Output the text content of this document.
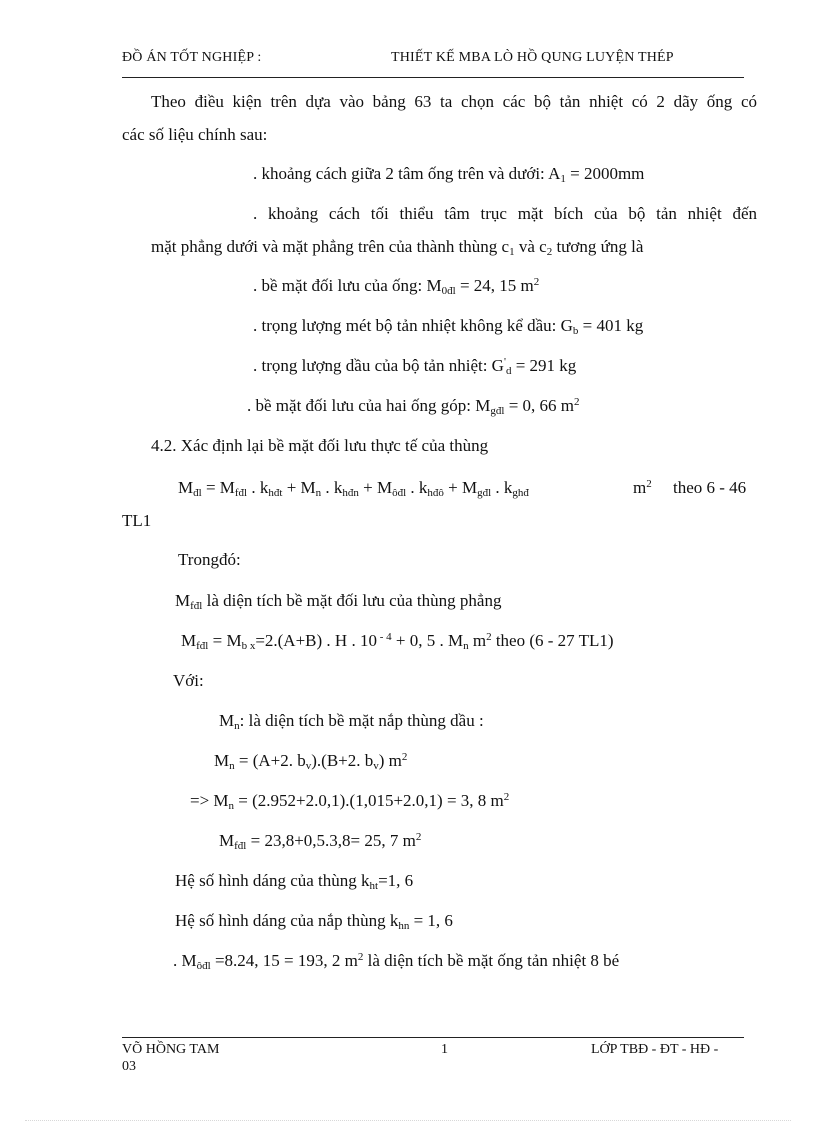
ĐỒ ÁN TỐT NGHIỆP :	THIẾT KẾ MBA LÒ HỒ QUNG LUYỆN THÉP
Theo điều kiện trên dựa vào bảng 63 ta chọn các bộ tản nhiệt có 2 dãy ống có
các số liệu chính sau:
. khoảng cách giữa 2 tâm ống trên và dưới: $A_1 = 2000mm$
. khoảng cách tối thiểu tâm trục mặt bích của bộ tản nhiệt đến
mặt phẳng dưới và mặt phẳng trên của thành thùng $c_1$ và $c_2$ tương ứng là
. bề mặt đối lưu của ống: $M_{0đl} = 24$, 15 $m^2$
. trọng lượng mét bộ tản nhiệt không kể dầu: $G_b = 401$ kg
. trọng lượng dầu của bộ tản nhiệt: $G'_d = 291$ kg
. bề mặt đối lưu của hai ống góp: $M_{gđl} = 0$, 66 $m^2$
4.2. Xác định lại bề mặt đối lưu thực tế của thùng
$M_{đl} = M_{fđl}$ . $k_{hđt} + M_n$ . $k_{hđn} + M_{ôđl}$ . $k_{hđô} + M_{gđl}$ . $k_{ghđ}$	$m^2$ theo 6 - 46
TL1
Trongđó:
$M_{fđl}$ là diện tích bề mặt đối lưu của thùng phẳng
$M_{fđl} = M_{b x}=2.(A+B)$ . H . 10 $^{- 4}$ + 0, 5 . $M_n$ $m^2$ theo (6 - 27 TL1)
Với:
$M_n$: là diện tích bề mặt nắp thùng dầu :
$M_n = (A+2$. $b_v).(B+2$. $b_v$) $m^2$
=> $M_n = (2.952+2.0,1).(1,015+2.0,1) = 3$, 8 $m^2$
$M_{fđl} = 23,8+0,5.3,8= 25$, 7 $m^2$
Hệ số hình dáng của thùng $k_{ht}=1$, 6
Hệ số hình dáng của nắp thùng $k_{hn} = 1$, 6
. $M_{ôđl} =8.24$, 15 = 193, 2 $m^2$ là diện tích bề mặt ống tản nhiệt 8 bé
VÕ HỒNG TAM
03
1	LỚP TBĐ - ĐT - HĐ -
